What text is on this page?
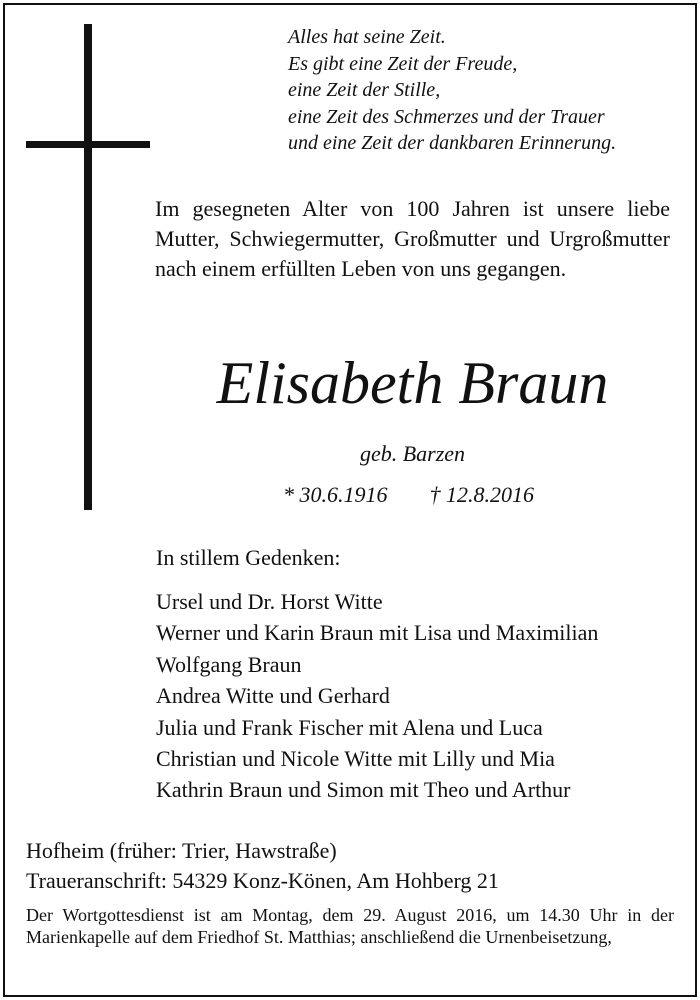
Alles hat seine Zeit.
Es gibt eine Zeit der Freude,
eine Zeit der Stille,
eine Zeit des Schmerzes und der Trauer
und eine Zeit der dankbaren Erinnerung.
Im gesegneten Alter von 100 Jahren ist unsere liebe Mutter, Schwiegermutter, Großmutter und Urgroßmutter nach einem erfüllten Leben von uns gegangen.
Elisabeth Braun
geb. Barzen
* 30.6.1916 † 12.8.2016
In stillem Gedenken:
Ursel und Dr. Horst Witte
Werner und Karin Braun mit Lisa und Maximilian
Wolfgang Braun
Andrea Witte und Gerhard
Julia und Frank Fischer mit Alena und Luca
Christian und Nicole Witte mit Lilly und Mia
Kathrin Braun und Simon mit Theo und Arthur
Hofheim (früher: Trier, Hawstraße)
Traueranschrift: 54329 Konz-Könen, Am Hohberg 21
Der Wortgottesdienst ist am Montag, dem 29. August 2016, um 14.30 Uhr in der Marienkapelle auf dem Friedhof St. Matthias; anschließend die Urnenbeisetzung,
